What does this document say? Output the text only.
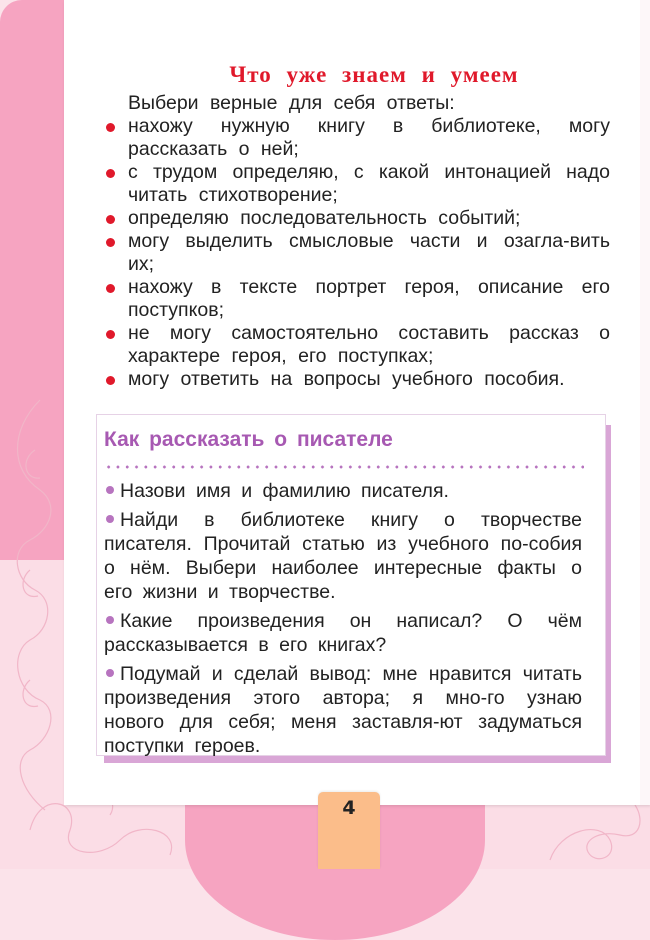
Что уже знаем и умеем
Выбери верные для себя ответы:
нахожу нужную книгу в библиотеке, могу рассказать о ней;
с трудом определяю, с какой интонацией надо читать стихотворение;
определяю последовательность событий;
могу выделить смысловые части и озагла-вить их;
нахожу в тексте портрет героя, описание его поступков;
не могу самостоятельно составить рассказ о характере героя, его поступках;
могу ответить на вопросы учебного пособия.
Как рассказать о писателе
Назови имя и фамилию писателя.
Найди в библиотеке книгу о творчестве писателя. Прочитай статью из учебного по-собия о нём. Выбери наиболее интересные факты о его жизни и творчестве.
Какие произведения он написал? О чём рассказывается в его книгах?
Подумай и сделай вывод: мне нравится читать произведения этого автора; я мно-го узнаю нового для себя; меня заставля-ют задуматься поступки героев.
4
